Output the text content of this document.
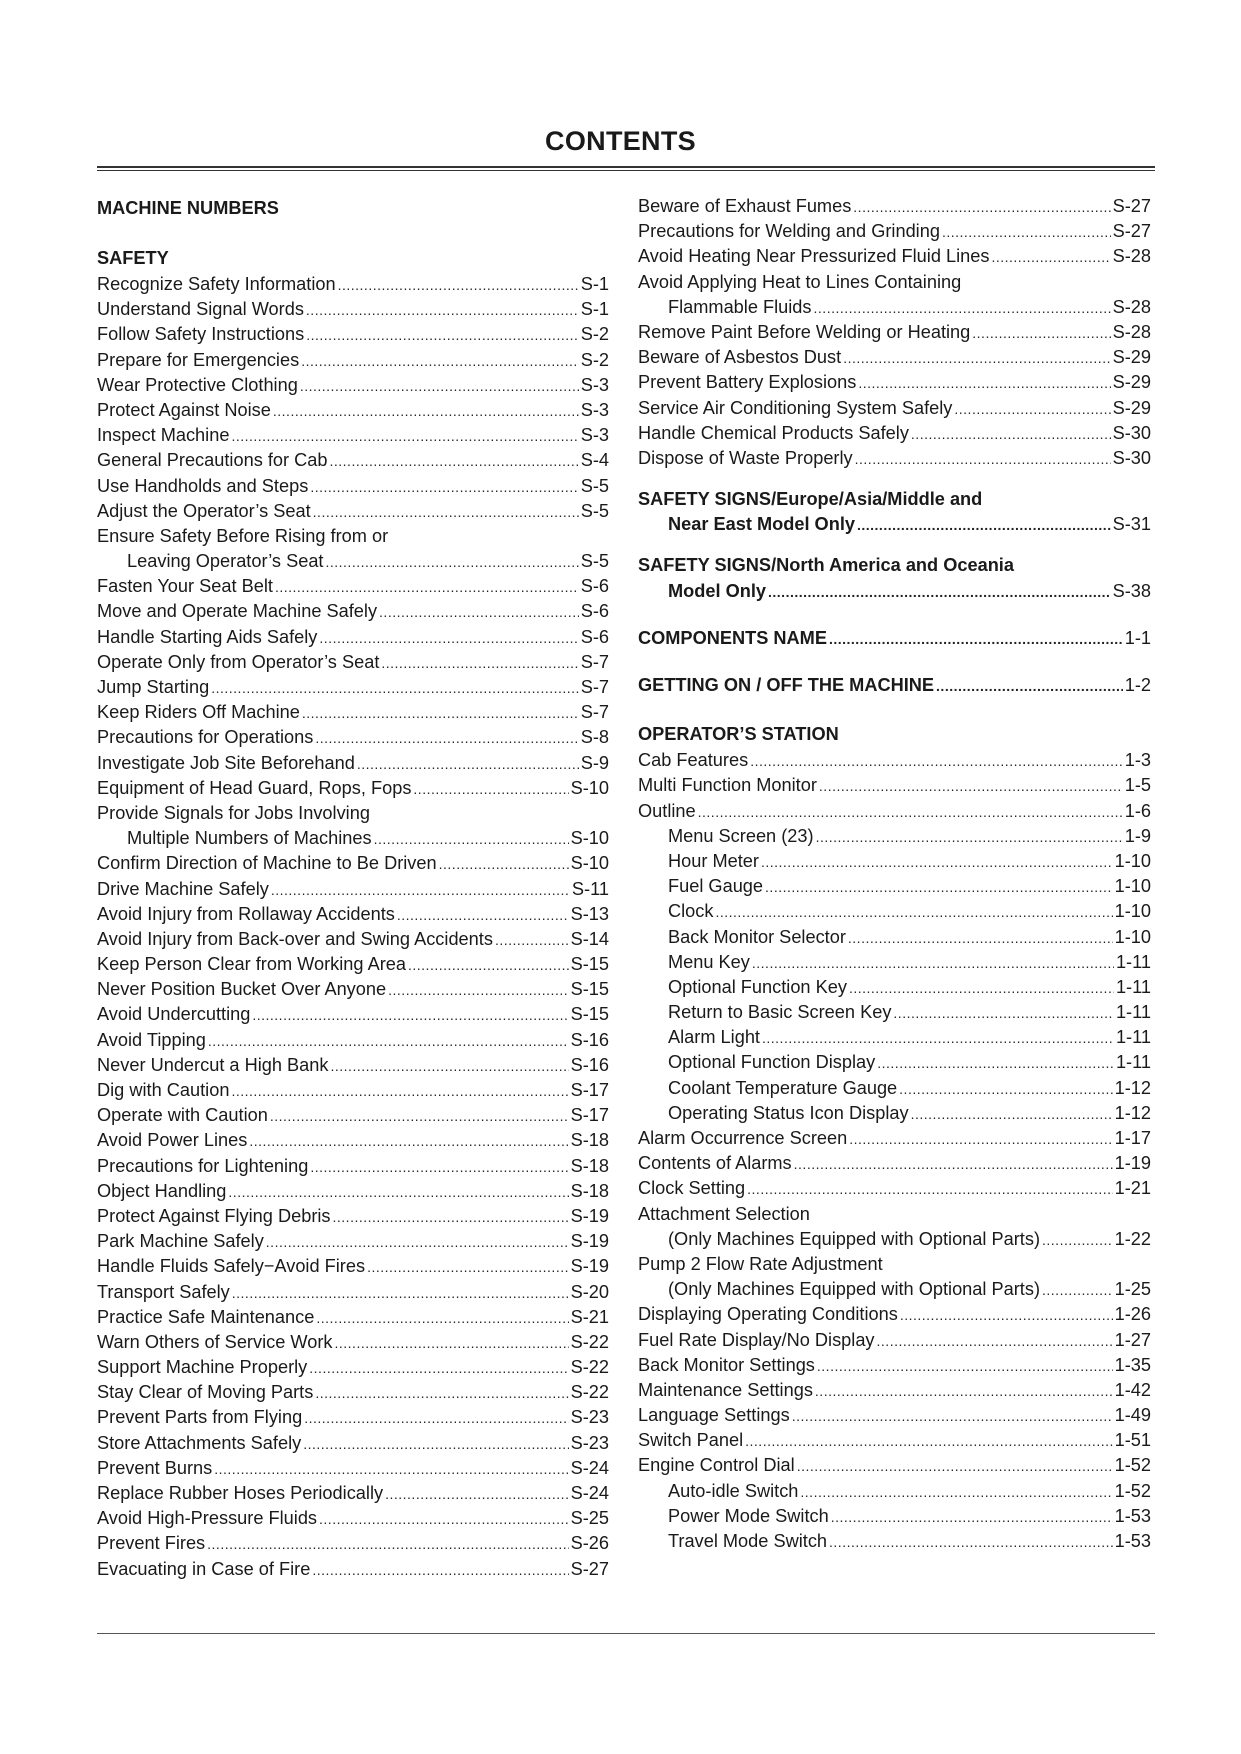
CONTENTS
MACHINE NUMBERS
SAFETY
Recognize Safety Information .....	S-1
Understand Signal Words .....	S-1
Follow Safety Instructions .....	S-2
Prepare for Emergencies .....	S-2
Wear Protective Clothing .....	S-3
Protect Against Noise .....	S-3
Inspect Machine .....	S-3
General Precautions for Cab .....	S-4
Use Handholds and Steps .....	S-5
Adjust the Operator’s Seat .....	S-5
Ensure Safety Before Rising from or
Leaving Operator’s Seat .....	S-5
Fasten Your Seat Belt .....	S-6
Move and Operate Machine Safely .....	S-6
Handle Starting Aids Safely .....	S-6
Operate Only from Operator’s Seat .....	S-7
Jump Starting .....	S-7
Keep Riders Off Machine .....	S-7
Precautions for Operations .....	S-8
Investigate Job Site Beforehand .....	S-9
Equipment of Head Guard, Rops, Fops .....	S-10
Provide Signals for Jobs Involving
Multiple Numbers of Machines .....	S-10
Confirm Direction of Machine to Be Driven .....	S-10
Drive Machine Safely .....	S-11
Avoid Injury from Rollaway Accidents .....	S-13
Avoid Injury from Back-over and Swing Accidents .....	S-14
Keep Person Clear from Working Area .....	S-15
Never Position Bucket Over Anyone .....	S-15
Avoid Undercutting .....	S-15
Avoid Tipping .....	S-16
Never Undercut a High Bank .....	S-16
Dig with Caution .....	S-17
Operate with Caution .....	S-17
Avoid Power Lines .....	S-18
Precautions for Lightening .....	S-18
Object Handling .....	S-18
Protect Against Flying Debris .....	S-19
Park Machine Safely .....	S-19
Handle Fluids Safely−Avoid Fires .....	S-19
Transport Safely .....	S-20
Practice Safe Maintenance .....	S-21
Warn Others of Service Work .....	S-22
Support Machine Properly .....	S-22
Stay Clear of Moving Parts .....	S-22
Prevent Parts from Flying .....	S-23
Store Attachments Safely .....	S-23
Prevent Burns .....	S-24
Replace Rubber Hoses Periodically .....	S-24
Avoid High-Pressure Fluids .....	S-25
Prevent Fires .....	S-26
Evacuating in Case of Fire .....	S-27
Beware of Exhaust Fumes .....	S-27
Precautions for Welding and Grinding .....	S-27
Avoid Heating Near Pressurized Fluid Lines .....	S-28
Avoid Applying Heat to Lines Containing
Flammable Fluids .....	S-28
Remove Paint Before Welding or Heating .....	S-28
Beware of Asbestos Dust .....	S-29
Prevent Battery Explosions .....	S-29
Service Air Conditioning System Safely .....	S-29
Handle Chemical Products Safely .....	S-30
Dispose of Waste Properly .....	S-30
SAFETY SIGNS/Europe/Asia/Middle and
Near East Model Only .....	S-31
SAFETY SIGNS/North America and Oceania
Model Only .....	S-38
COMPONENTS NAME .....	1-1
GETTING ON / OFF THE MACHINE .....	1-2
OPERATOR’S STATION
Cab Features .....	1-3
Multi Function Monitor .....	1-5
Outline .....	1-6
Menu Screen (23) .....	1-9
Hour Meter .....	1-10
Fuel Gauge .....	1-10
Clock .....	1-10
Back Monitor Selector .....	1-10
Menu Key .....	1-11
Optional Function Key .....	1-11
Return to Basic Screen Key .....	1-11
Alarm Light .....	1-11
Optional Function Display .....	1-11
Coolant Temperature Gauge .....	1-12
Operating Status Icon Display .....	1-12
Alarm Occurrence Screen .....	1-17
Contents of Alarms .....	1-19
Clock Setting .....	1-21
Attachment Selection
(Only Machines Equipped with Optional Parts) .....	1-22
Pump 2 Flow Rate Adjustment
(Only Machines Equipped with Optional Parts) .....	1-25
Displaying Operating Conditions .....	1-26
Fuel Rate Display/No Display .....	1-27
Back Monitor Settings .....	1-35
Maintenance Settings .....	1-42
Language Settings .....	1-49
Switch Panel .....	1-51
Engine Control Dial .....	1-52
Auto-idle Switch .....	1-52
Power Mode Switch .....	1-53
Travel Mode Switch .....	1-53
